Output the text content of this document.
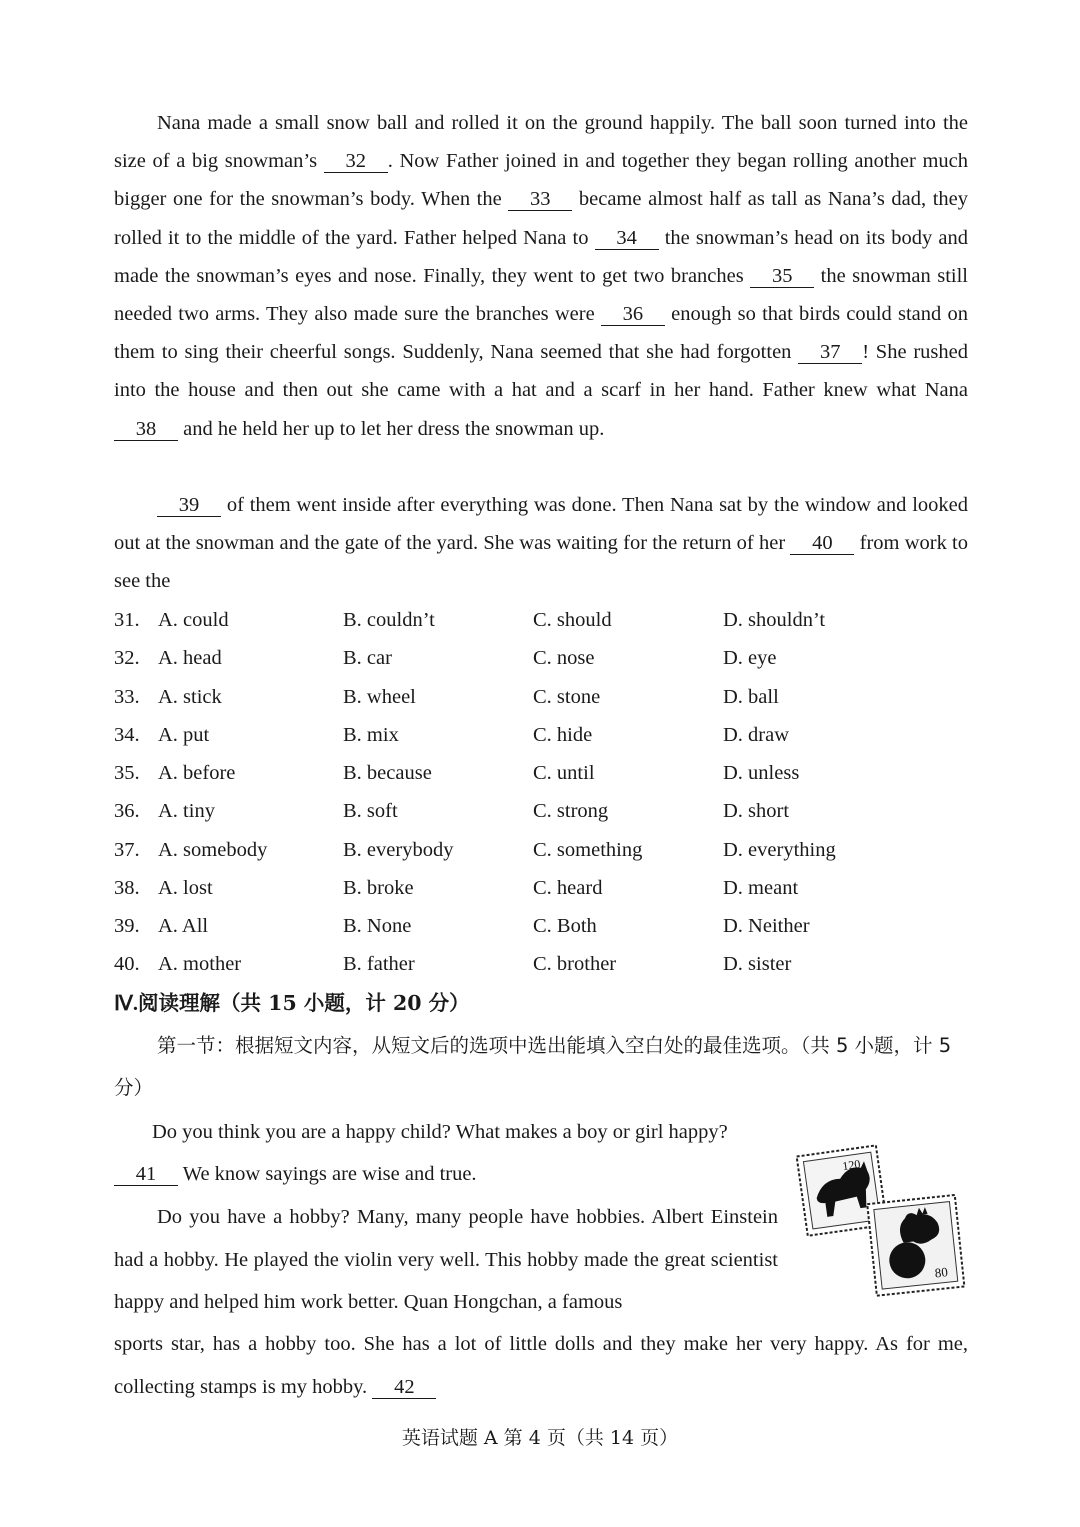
Nana made a small snow ball and rolled it on the ground happily. The ball soon turned into the size of a big snowman’s 32 . Now Father joined in and together they began rolling another much bigger one for the snowman’s body. When the 33 became almost half as tall as Nana’s dad, they rolled it to the middle of the yard. Father helped Nana to 34 the snowman’s head on its body and made the snowman’s eyes and nose. Finally, they went to get two branches 35 the snowman still needed two arms. They also made sure the branches were 36 enough so that birds could stand on them to sing their cheerful songs. Suddenly, Nana seemed that she had forgotten 37 ! She rushed into the house and then out she came with a hat and a scarf in her hand. Father knew what Nana 38 and he held her up to let her dress the snowman up.
39 of them went inside after everything was done. Then Nana sat by the window and looked out at the snowman and the gate of the yard. She was waiting for the return of her 40 from work to see the
31. A. could	B. couldn’t	C. should	D. shouldn’t
32. A. head	B. car	C. nose	D. eye
33. A. stick	B. wheel	C. stone	D. ball
34. A. put	B. mix	C. hide	D. draw
35. A. before	B. because	C. until	D. unless
36. A. tiny	B. soft	C. strong	D. short
37. A. somebody	B. everybody	C. something	D. everything
38. A. lost	B. broke	C. heard	D. meant
39. A. All	B. None	C. Both	D. Neither
40. A. mother	B. father	C. brother	D. sister
Ⅳ.阅读理解（共 15 小题，计 20 分）
第一节：根据短文内容，从短文后的选项中选出能填入空白处的最佳选项。（共 5 小题，计 5 分）
Do you think you are a happy child? What makes a boy or girl happy?
41 We know sayings are wise and true.
Do you have a hobby? Many, many people have hobbies. Albert Einstein had a hobby. He played the violin very well. This hobby made the great scientist happy and helped him work better. Quan Hongchan, a famous
sports star, has a hobby too. She has a lot of little dolls and they make her very happy. As for me, collecting stamps is my hobby. 42
120
80
英语试题 A 第 4 页（共 14 页）
